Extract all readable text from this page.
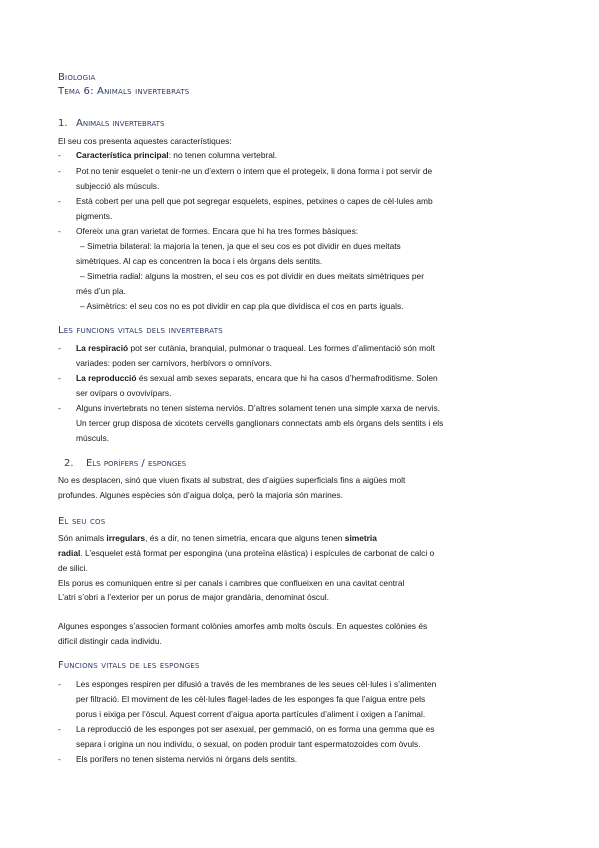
Biologia
Tema 6: Animals invertebrats
1. Animals invertebrats
El seu cos presenta aquestes característiques:
- Característica principal: no tenen columna vertebral.
- Pot no tenir esquelet o tenir-ne un d’extern o intern que el protegeix, li dona forma i pot servir de
subjecció als músculs.
- Està cobert per una pell que pot segregar esquelets, espines, petxines o capes de cèl·lules amb
pigments.
- Ofereix una gran varietat de formes. Encara que hi ha tres formes bàsiques:
– Simetria bilateral: la majoria la tenen, ja que el seu cos es pot dividir en dues meitats
simètriques. Al cap es concentren la boca i els òrgans dels sentits.
– Simetria radial: alguns la mostren, el seu cos es pot dividir en dues meitats simètriques per
més d’un pla.
– Asimètrics: el seu cos no es pot dividir en cap pla que dividisca el cos en parts iguals.
Les funcions vitals dels invertebrats
- La respiració pot ser cutània, branquial, pulmonar o traqueal. Les formes d’alimentació són molt
variades: poden ser carnívors, herbívors o omnívors.
- La reproducció és sexual amb sexes separats, encara que hi ha casos d’hermafroditisme. Solen
ser ovípars o ovovivípars.
- Alguns invertebrats no tenen sistema nerviós. D’altres solament tenen una simple xarxa de nervis.
Un tercer grup disposa de xicotets cervells ganglionars connectats amb els òrgans dels sentits i els
músculs.
2. Els porífers / esponges
No es desplacen, sinó que viuen fixats al substrat, des d’aigües superficials fins a aigües molt
profundes. Algunes espècies són d’aigua dolça, però la majoria són marines.
El seu cos
Són animals irregulars, és a dir, no tenen simetria, encara que alguns tenen simetria
radial. L’esquelet està format per espongina (una proteïna elàstica) i espícules de carbonat de calci o
de silici.
Els porus es comuniquen entre si per canals i cambres que conflueixen en una cavitat central
L’atri s’obri a l’exterior per un porus de major grandària, denominat òscul.
Algunes esponges s’associen formant colònies amorfes amb molts òsculs. En aquestes colònies és
difícil distingir cada individu.
Funcions vitals de les esponges
- Les esponges respiren per difusió a través de les membranes de les seues cèl·lules i s’alimenten
per filtració. El moviment de les cèl·lules flagel·lades de les esponges fa que l’aigua entre pels
porus i eixiga per l’òscul. Aquest corrent d’aigua aporta partícules d’aliment i oxigen a l’animal.
- La reproducció de les esponges pot ser asexual, per gemmació, on es forma una gemma que es
separa i origina un nou individu, o sexual, on poden produir tant espermatozoides com òvuls.
- Els porífers no tenen sistema nerviós ni òrgans dels sentits.
